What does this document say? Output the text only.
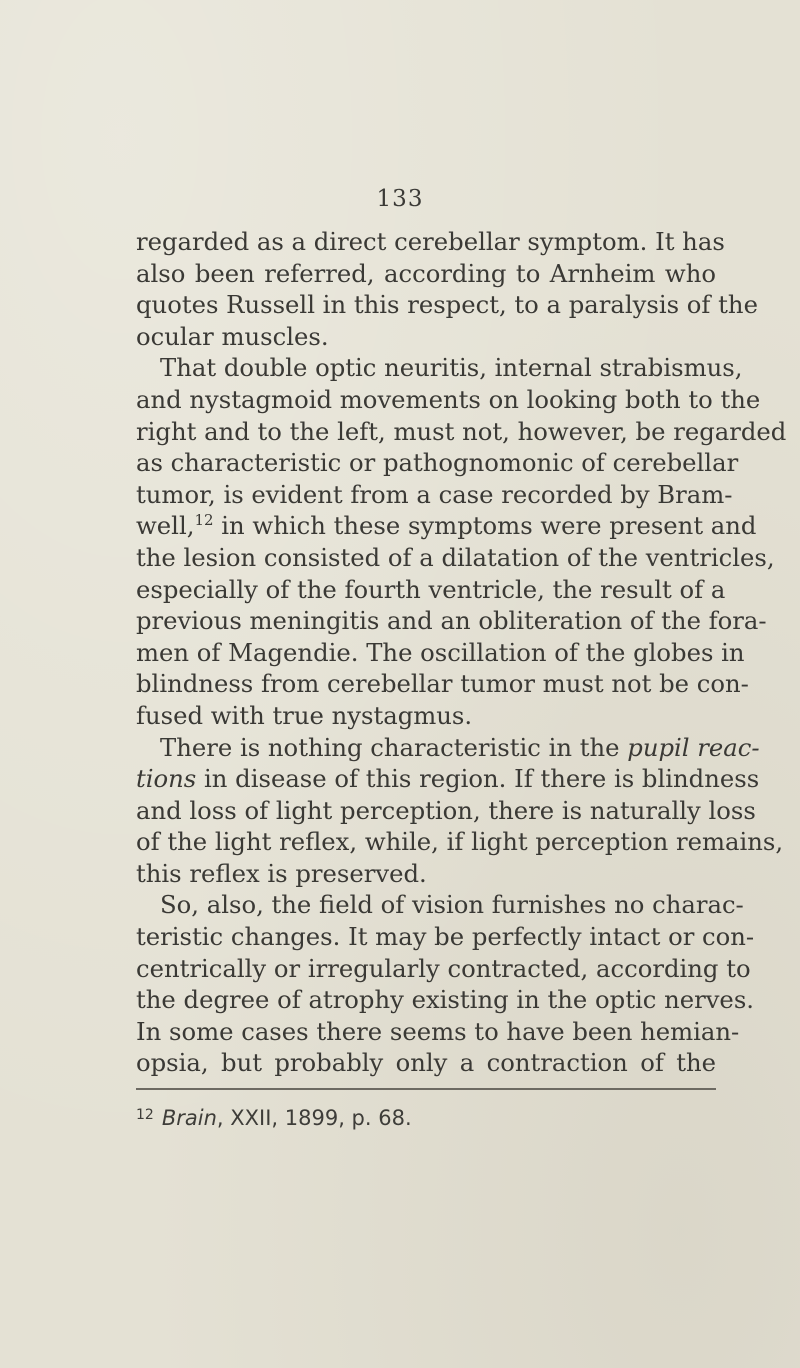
133
regarded as a direct cerebellar symptom. It has
also been referred, according to Arnheim who
quotes Russell in this respect, to a paralysis of the
ocular muscles.
That double optic neuritis, internal strabismus,
and nystagmoid movements on looking both to the
right and to the left, must not, however, be regarded
as characteristic or pathognomonic of cerebellar
tumor, is evident from a case recorded by Bram-
well,$^{12}$ in which these symptoms were present and
the lesion consisted of a dilatation of the ventricles,
especially of the fourth ventricle, the result of a
previous meningitis and an obliteration of the fora-
men of Magendie. The oscillation of the globes in
blindness from cerebellar tumor must not be con-
fused with true nystagmus.
There is nothing characteristic in the pupil reac-
tions in disease of this region. If there is blindness
and loss of light perception, there is naturally loss
of the light reflex, while, if light perception remains,
this reflex is preserved.
So, also, the field of vision furnishes no charac-
teristic changes. It may be perfectly intact or con-
centrically or irregularly contracted, according to
the degree of atrophy existing in the optic nerves.
In some cases there seems to have been hemian-
opsia, but probably only a contraction of the
$^{12}$ Brain, XXII, 1899, p. 68.
